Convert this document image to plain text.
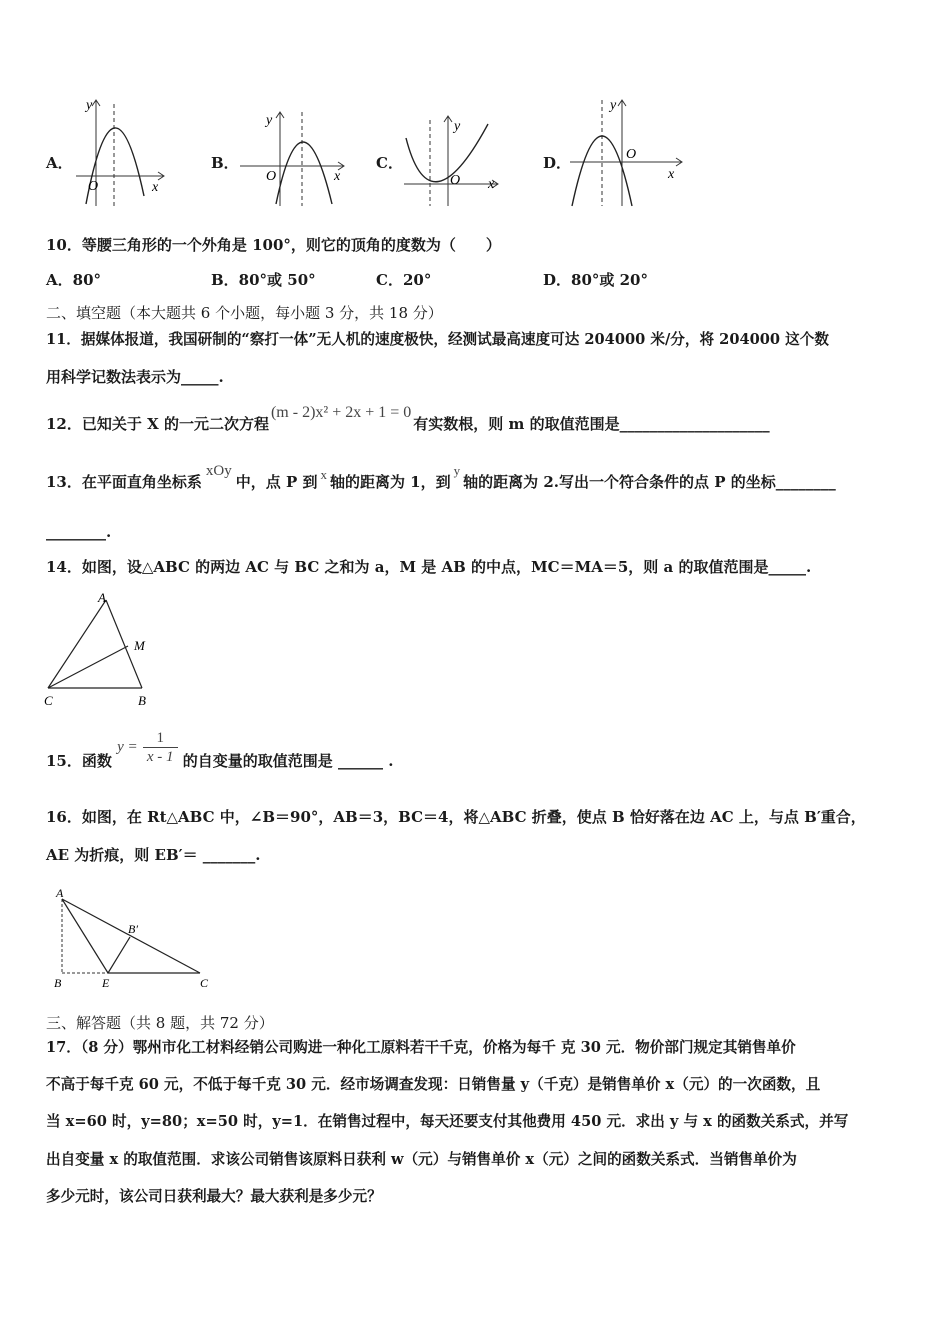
A．
x
y
O
B．
x
y
O
C．
x
y
O
D．
x
y
O
10．等腰三角形的一个外角是 100°，则它的顶角的度数为（　　）
A．80°	B．80°或 50°	C．20°	D．80°或 20°
二、填空题（本大题共 6 个小题，每小题 3 分，共 18 分）
11．据媒体报道，我国研制的“察打一体”无人机的速度极快，经测试最高速度可达 204000 米/分，将 204000 这个数
用科学记数法表示为_____.
12．已知关于 X 的一元二次方程(m - 2)x² + 2x + 1 = 0有实数根，则 m 的取值范围是____________________
13．在平面直角坐标系xOy中，点 P 到 x 轴的距离为 1，到y轴的距离为 2.写出一个符合条件的点 P 的坐标________
________.
14．如图，设△ABC 的两边 AC 与 BC 之和为 a，M 是 AB 的中点，MC＝MA＝5，则 a 的取值范围是_____.
A
M
C	B
15．函数 $y = \frac{1}{x - 1}$ 的自变量的取值范围是 ______ .
16．如图，在 Rt△ABC 中，∠B＝90°，AB＝3，BC＝4，将△ABC 折叠，使点 B 恰好落在边 AC 上，与点 B′重合，
AE 为折痕，则 EB′＝ _______.
A
B′
B	E	C
三、解答题（共 8 题，共 72 分）
17．（8 分）鄂州市化工材料经销公司购进一种化工原料若干千克，价格为每千 克 30 元．物价部门规定其销售单价
不高于每千克 60 元，不低于每千克 30 元．经市场调查发现：日销售量 y（千克）是销售单价 x（元）的一次函数，且
当 x=60 时，y=80；x=50 时，y=1．在销售过程中，每天还要支付其他费用 450 元．求出 y 与 x 的函数关系式，并写
出自变量 x 的取值范围．求该公司销售该原料日获利 w（元）与销售单价 x（元）之间的函数关系式．当销售单价为
多少元时，该公司日获利最大？最大获利是多少元？
